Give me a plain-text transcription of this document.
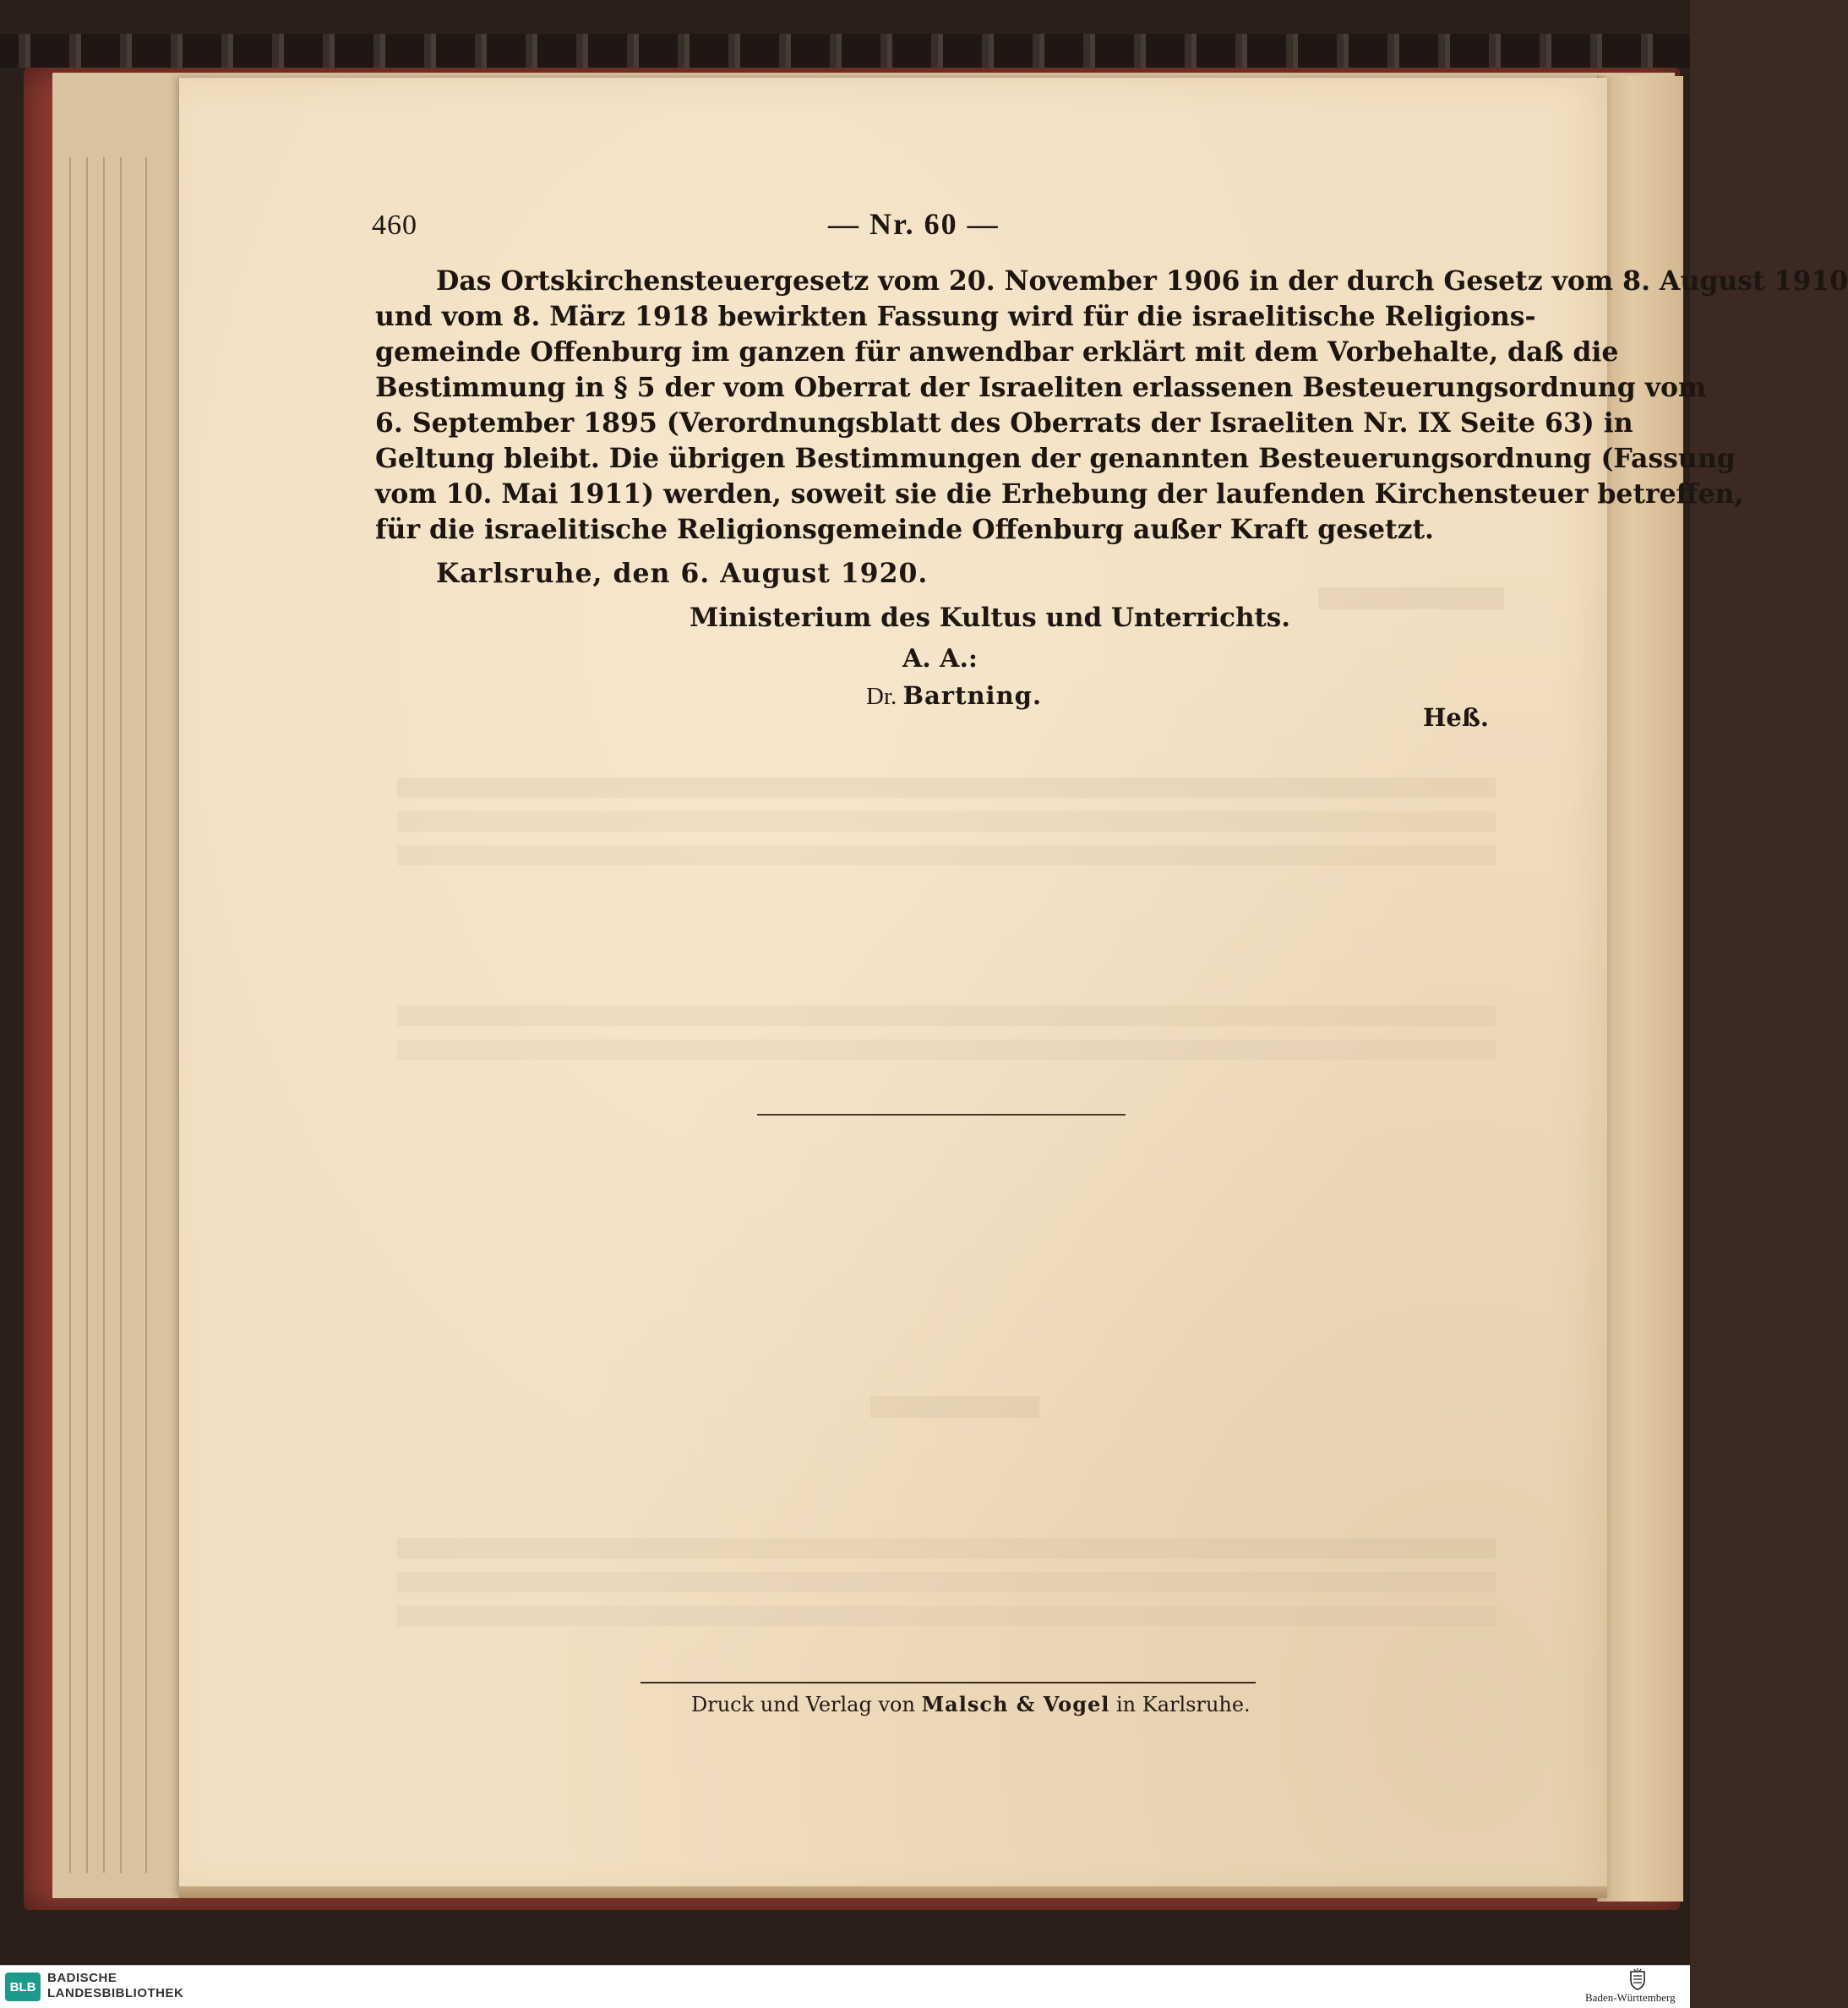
460	— Nr. 60 —
Das Ortskirchensteuergesetz vom 20. November 1906 in der durch Gesetz vom 8. August 1910
und vom 8. März 1918 bewirkten Fassung wird für die israelitische Religions-
gemeinde Offenburg im ganzen für anwendbar erklärt mit dem Vorbehalte, daß die
Bestimmung in § 5 der vom Oberrat der Israeliten erlassenen Besteuerungsordnung vom
6. September 1895 (Verordnungsblatt des Oberrats der Israeliten Nr. IX Seite 63) in
Geltung bleibt. Die übrigen Bestimmungen der genannten Besteuerungsordnung (Fassung
vom 10. Mai 1911) werden, soweit sie die Erhebung der laufenden Kirchensteuer betreffen,
für die israelitische Religionsgemeinde Offenburg außer Kraft gesetzt.
Karlsruhe, den 6. August 1920.
Ministerium des Kultus und Unterrichts.
A. A.:
Dr. Bartning.
Heß.
Druck und Verlag von Malsch & Vogel in Karlsruhe.
BLB
BADISCHE
LANDESBIBLIOTHEK	Baden-Württemberg
